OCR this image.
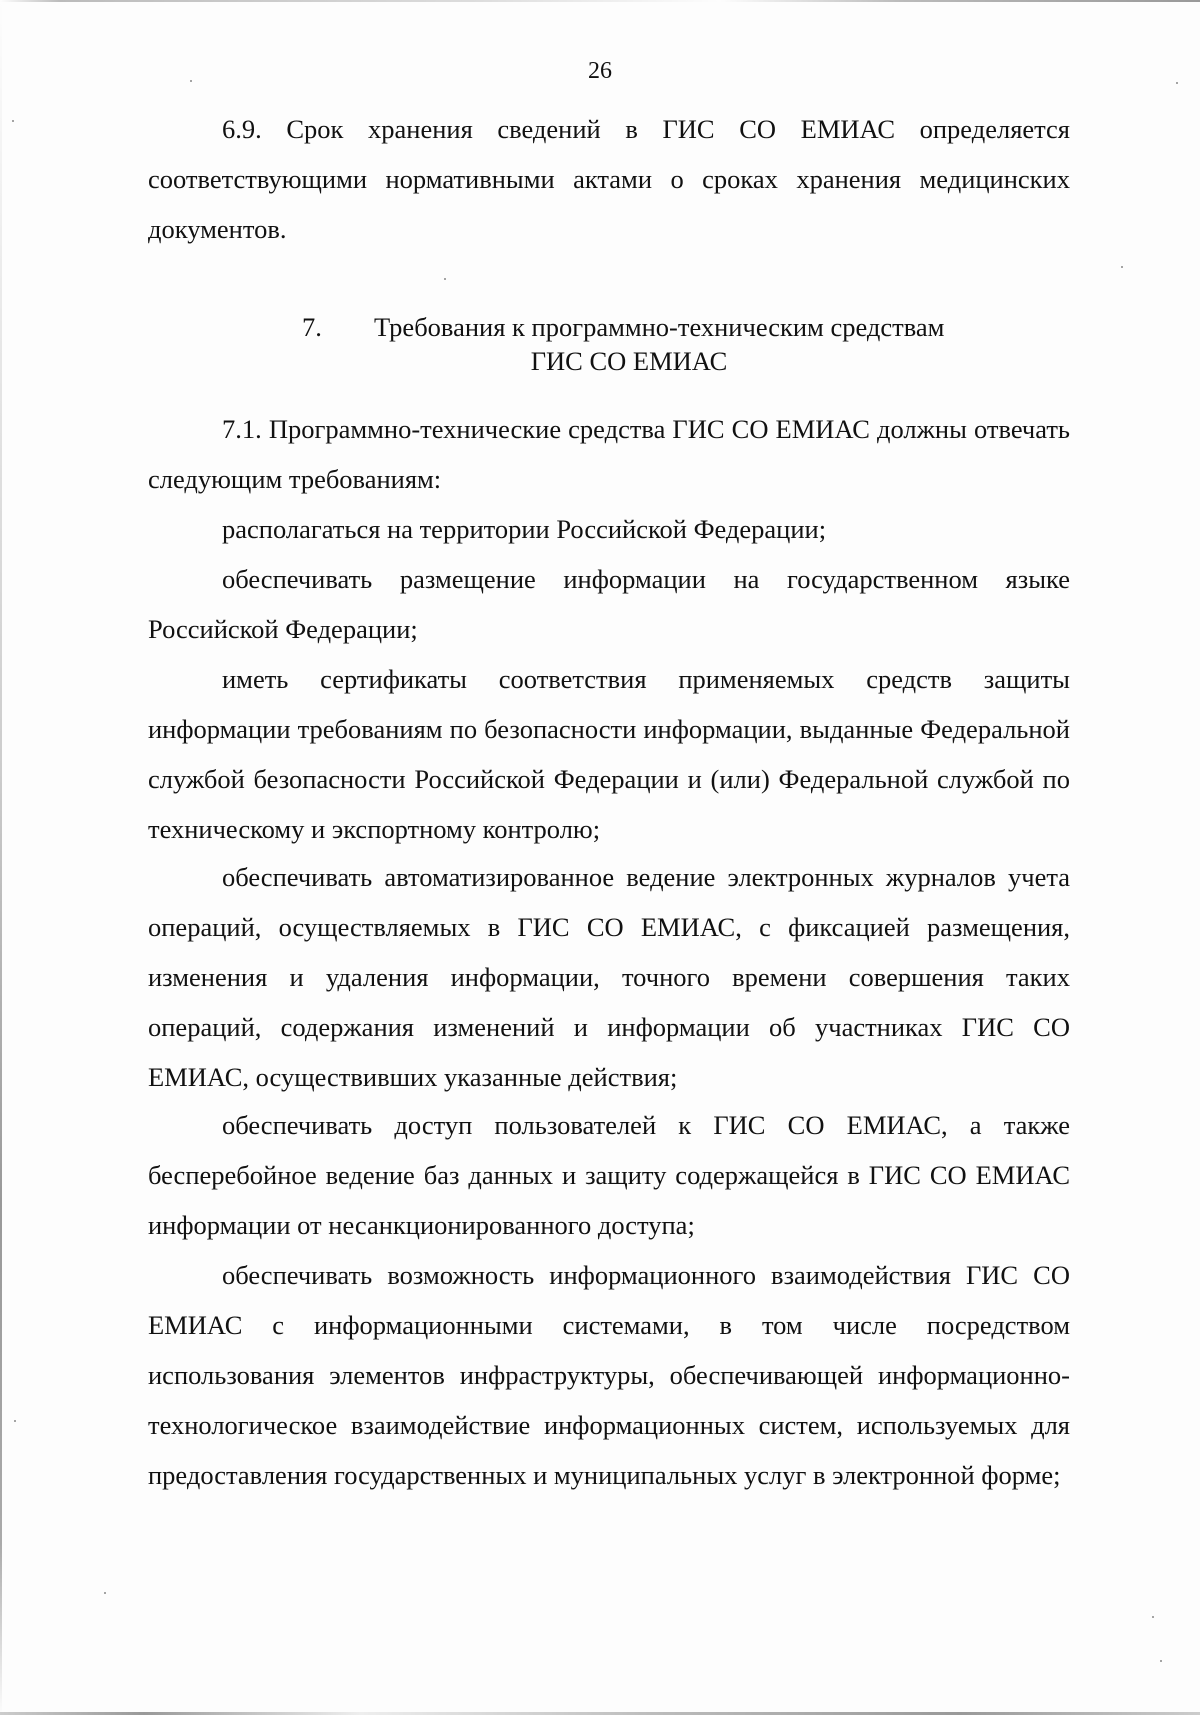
26

6.9. Срок хранения сведений в ГИС СО ЕМИАС определяется соответствующими нормативными актами о сроках хранения медицинских документов.

7. Требования к программно-техническим средствам
ГИС СО ЕМИАС

7.1. Программно-технические средства ГИС СО ЕМИАС должны отвечать следующим требованиям:

располагаться на территории Российской Федерации;

обеспечивать размещение информации на государственном языке Российской Федерации;

иметь сертификаты соответствия применяемых средств защиты информации требованиям по безопасности информации, выданные Федеральной службой безопасности Российской Федерации и (или) Федеральной службой по техническому и экспортному контролю;

обеспечивать автоматизированное ведение электронных журналов учета операций, осуществляемых в ГИС СО ЕМИАС, с фиксацией размещения, изменения и удаления информации, точного времени совершения таких операций, содержания изменений и информации об участниках ГИС СО ЕМИАС, осуществивших указанные действия;

обеспечивать доступ пользователей к ГИС СО ЕМИАС, а также бесперебойное ведение баз данных и защиту содержащейся в ГИС СО ЕМИАС информации от несанкционированного доступа;

обеспечивать возможность информационного взаимодействия ГИС СО ЕМИАС с информационными системами, в том числе посредством использования элементов инфраструктуры, обеспечивающей информационно-технологическое взаимодействие информационных систем, используемых для предоставления государственных и муниципальных услуг в электронной форме;
